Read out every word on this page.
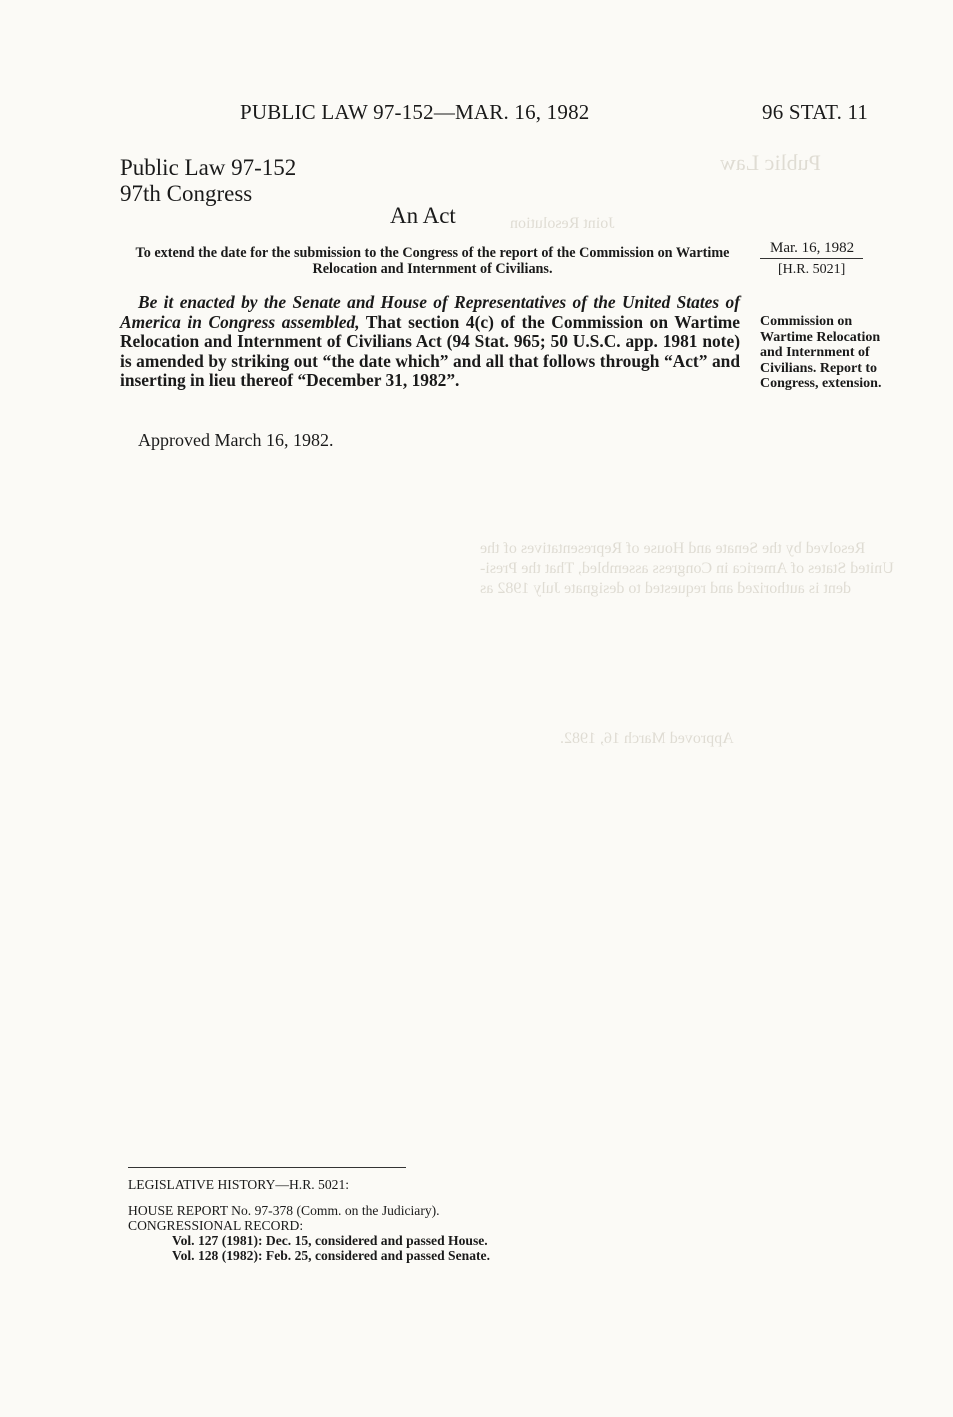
Public Law
Joint Resolution
Resolved by the Senate and House of Representatives of the
United States of America in Congress assembled, That the Presi-
dent is authorized and requested to designate July 1982 as
Approved March 16, 1982.
PUBLIC LAW 97-152—MAR. 16, 1982	96 STAT. 11
Public Law 97-152
97th Congress
An Act
To extend the date for the submission to the Congress of the report of the Commission on Wartime Relocation and Internment of Civilians.
Be it enacted by the Senate and House of Representatives of the United States of America in Congress assembled, That section 4(c) of the Commission on Wartime Relocation and Internment of Civilians Act (94 Stat. 965; 50 U.S.C. app. 1981 note) is amended by striking out “the date which” and all that follows through “Act” and inserting in lieu thereof “December 31, 1982”.
Approved March 16, 1982.
Mar. 16, 1982
[H.R. 5021]
Commission on Wartime Relocation and Internment of Civilians. Report to Congress, extension.
LEGISLATIVE HISTORY—H.R. 5021:
HOUSE REPORT No. 97-378 (Comm. on the Judiciary).
CONGRESSIONAL RECORD:
Vol. 127 (1981): Dec. 15, considered and passed House.
Vol. 128 (1982): Feb. 25, considered and passed Senate.
